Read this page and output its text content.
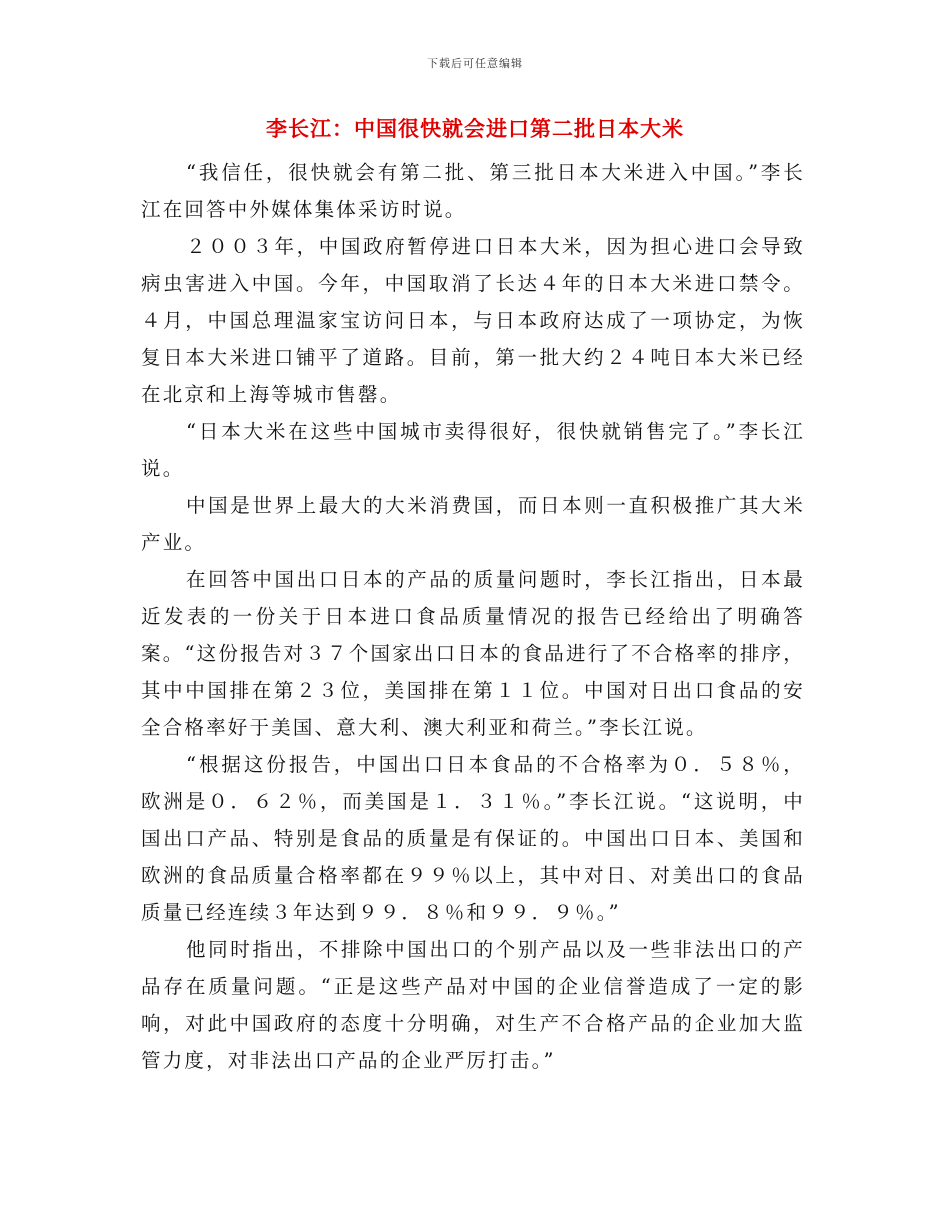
下载后可任意编辑
李长江：中国很快就会进口第二批日本大米

“我信任，很快就会有第二批、第三批日本大米进入中国。”李长江在回答中外媒体集体采访时说。

２００３年，中国政府暂停进口日本大米，因为担心进口会导致病虫害进入中国。今年，中国取消了长达４年的日本大米进口禁令。４月，中国总理温家宝访问日本，与日本政府达成了一项协定，为恢复日本大米进口铺平了道路。目前，第一批大约２４吨日本大米已经在北京和上海等城市售罄。

“日本大米在这些中国城市卖得很好，很快就销售完了。”李长江说。

中国是世界上最大的大米消费国，而日本则一直积极推广其大米产业。

在回答中国出口日本的产品的质量问题时，李长江指出，日本最近发表的一份关于日本进口食品质量情况的报告已经给出了明确答案。“这份报告对３７个国家出口日本的食品进行了不合格率的排序，其中中国排在第２３位，美国排在第１１位。中国对日出口食品的安全合格率好于美国、意大利、澳大利亚和荷兰。”李长江说。

“根据这份报告，中国出口日本食品的不合格率为０．５８％，欧洲是０．６２％，而美国是１．３１％。”李长江说。“这说明，中国出口产品、特别是食品的质量是有保证的。中国出口日本、美国和欧洲的食品质量合格率都在９９％以上，其中对日、对美出口的食品质量已经连续３年达到９９．８％和９９．９％。”

他同时指出，不排除中国出口的个别产品以及一些非法出口的产品存在质量问题。“正是这些产品对中国的企业信誉造成了一定的影响，对此中国政府的态度十分明确，对生产不合格产品的企业加大监管力度，对非法出口产品的企业严厉打击。”
